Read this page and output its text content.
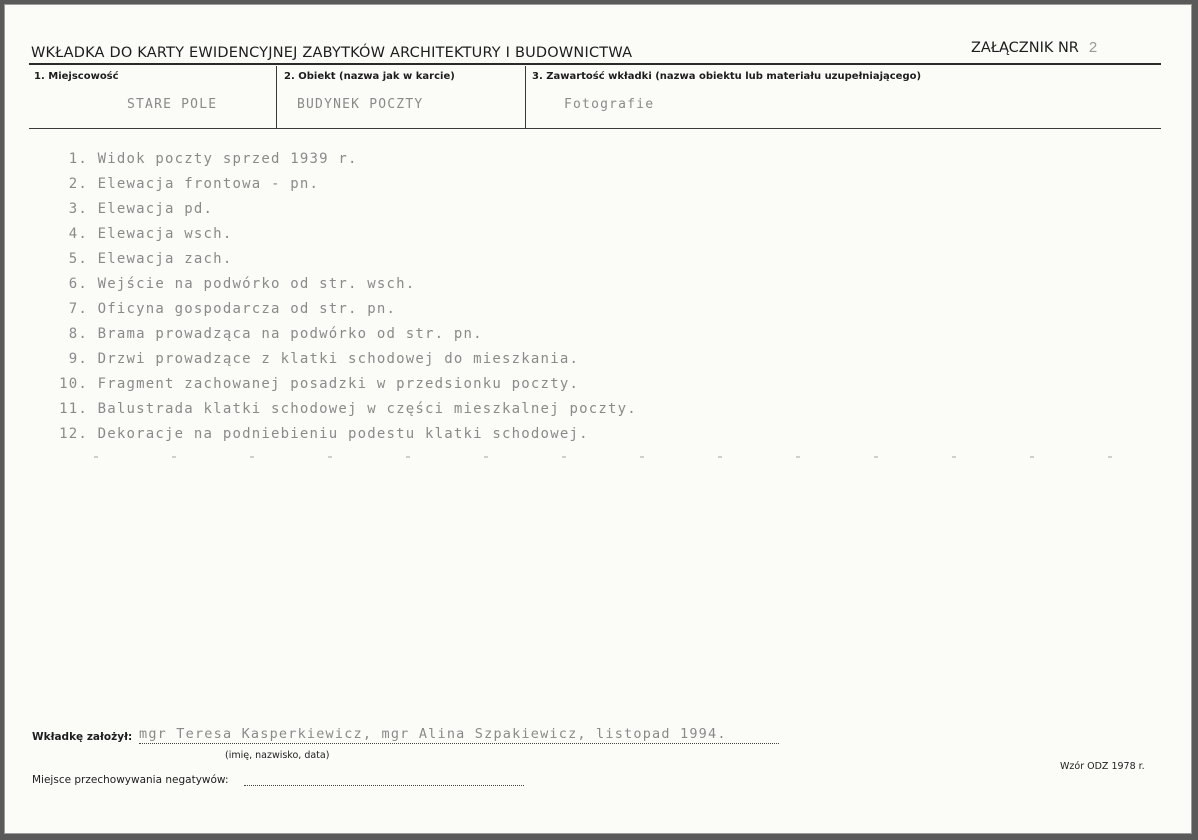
WKŁADKA DO KARTY EWIDENCYJNEJ ZABYTKÓW ARCHITEKTURY I BUDOWNICTWA	ZAŁĄCZNIK NR 2
1. Miejscowość
STARE POLE
2. Obiekt (nazwa jak w karcie)
BUDYNEK POCZTY
3. Zawartość wkładki (nazwa obiektu lub materiału uzupełniającego)
Fotografie
1. Widok poczty sprzed 1939 r.
2. Elewacja frontowa - pn.
3. Elewacja pd.
4. Elewacja wsch.
5. Elewacja zach.
6. Wejście na podwórko od str. wsch.
7. Oficyna gospodarcza od str. pn.
8. Brama prowadząca na podwórko od str. pn.
9. Drzwi prowadzące z klatki schodowej do mieszkania.
10. Fragment zachowanej posadzki w przedsionku poczty.
11. Balustrada klatki schodowej w części mieszkalnej poczty.
12. Dekoracje na podniebieniu podestu klatki schodowej.
Wkładkę założył: mgr Teresa Kasperkiewicz, mgr Alina Szpakiewicz, listopad 1994.
(imię, nazwisko, data)
Wzór ODZ 1978 r.
Miejsce przechowywania negatywów:
